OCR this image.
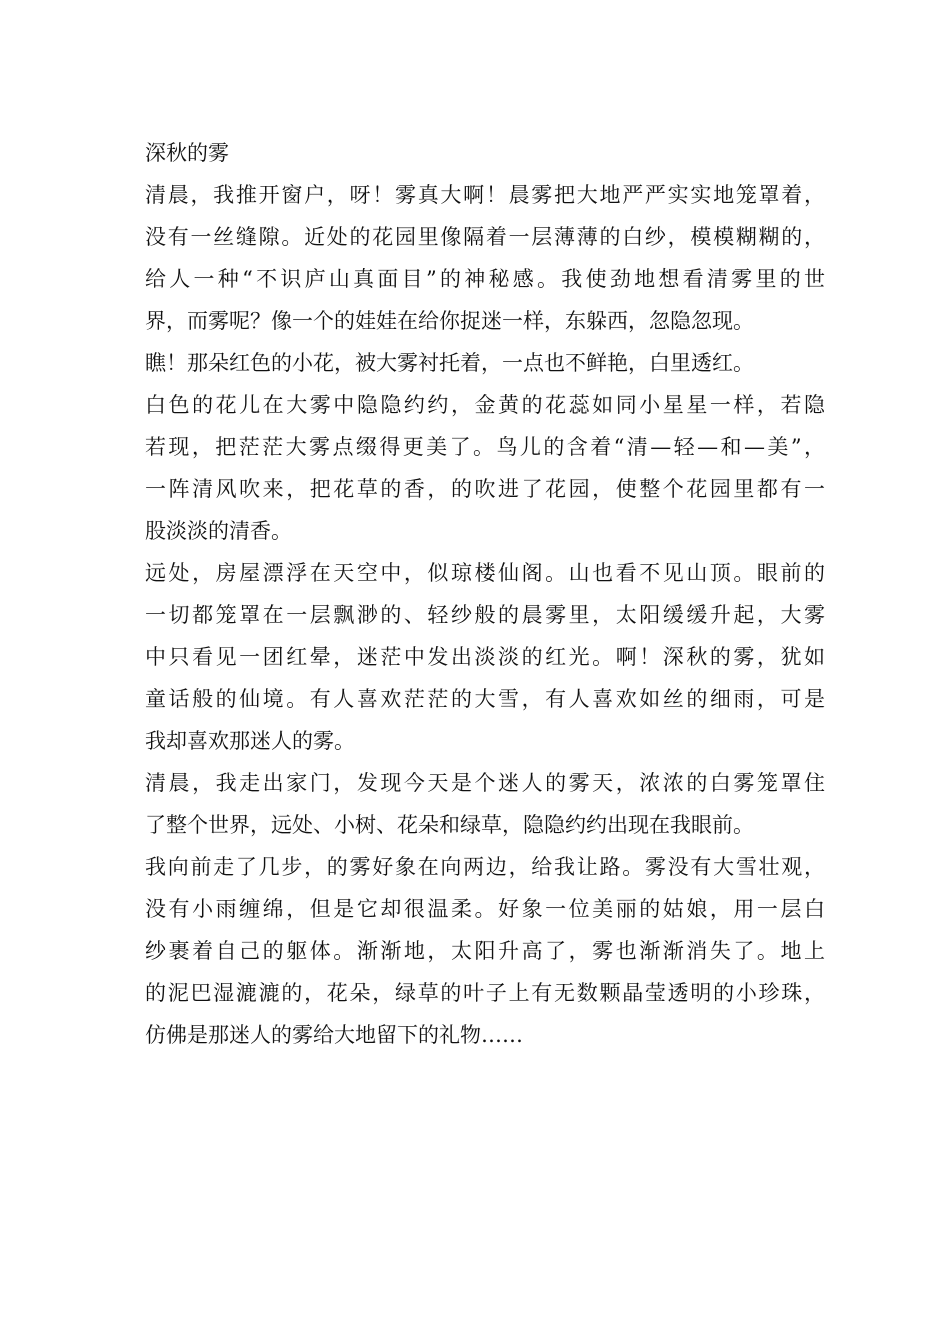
深秋的雾
清晨，我推开窗户，呀！雾真大啊！晨雾把大地严严实实地笼罩着，
没有一丝缝隙。近处的花园里像隔着一层薄薄的白纱，模模糊糊的，
给人一种“不识庐山真面目”的神秘感。我使劲地想看清雾里的世
界，而雾呢？像一个的娃娃在给你捉迷一样，东躲西，忽隐忽现。
瞧！那朵红色的小花，被大雾衬托着，一点也不鲜艳，白里透红。
白色的花儿在大雾中隐隐约约，金黄的花蕊如同小星星一样，若隐
若现，把茫茫大雾点缀得更美了。鸟儿的含着“清—轻—和—美”，
一阵清风吹来，把花草的香，的吹进了花园，使整个花园里都有一
股淡淡的清香。
远处，房屋漂浮在天空中，似琼楼仙阁。山也看不见山顶。眼前的
一切都笼罩在一层飘渺的、轻纱般的晨雾里，太阳缓缓升起，大雾
中只看见一团红晕，迷茫中发出淡淡的红光。啊！深秋的雾，犹如
童话般的仙境。有人喜欢茫茫的大雪，有人喜欢如丝的细雨，可是
我却喜欢那迷人的雾。
清晨，我走出家门，发现今天是个迷人的雾天，浓浓的白雾笼罩住
了整个世界，远处、小树、花朵和绿草，隐隐约约出现在我眼前。
我向前走了几步，的雾好象在向两边，给我让路。雾没有大雪壮观，
没有小雨缠绵，但是它却很温柔。好象一位美丽的姑娘，用一层白
纱裹着自己的躯体。渐渐地，太阳升高了，雾也渐渐消失了。地上
的泥巴湿漉漉的，花朵，绿草的叶子上有无数颗晶莹透明的小珍珠，
仿佛是那迷人的雾给大地留下的礼物……
